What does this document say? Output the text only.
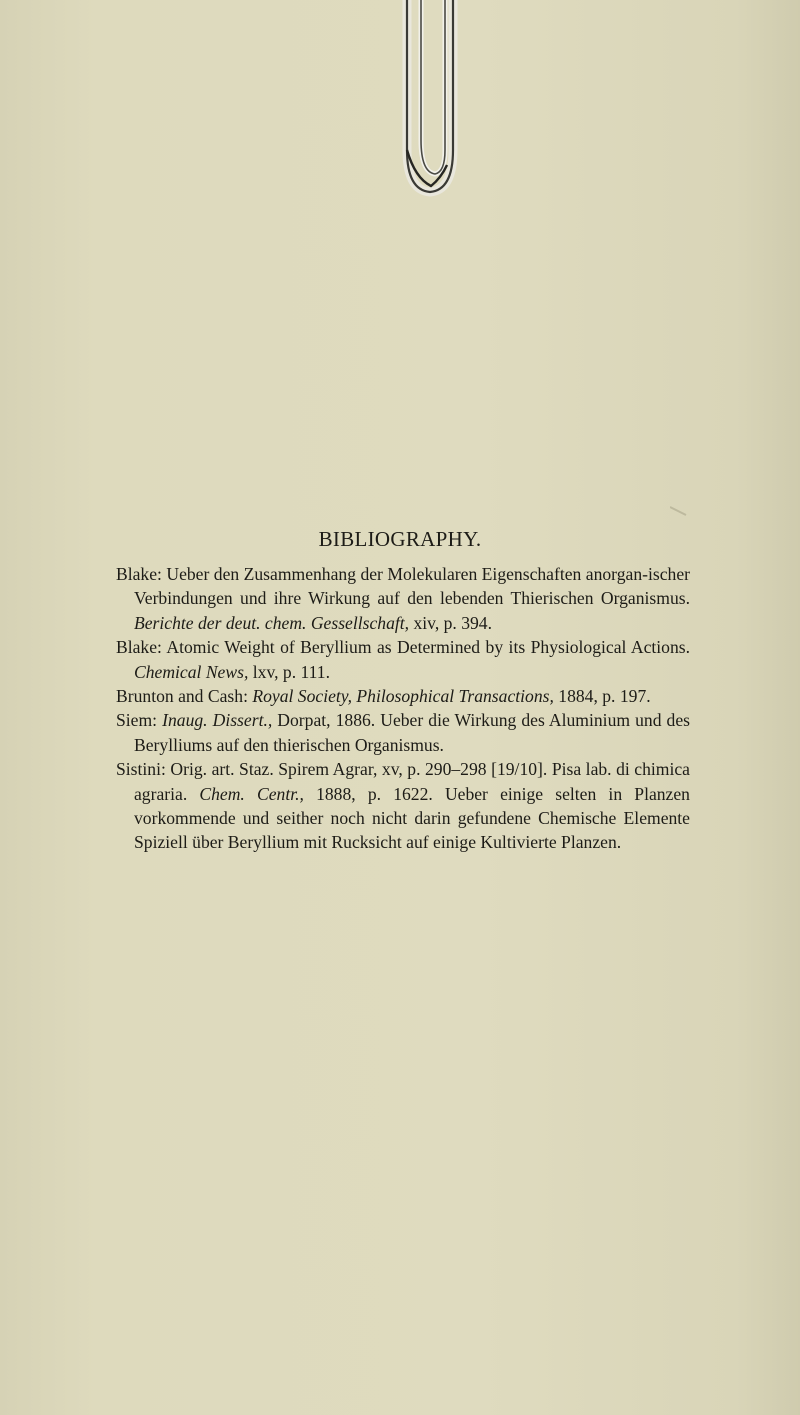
BIBLIOGRAPHY.
Blake: Ueber den Zusammenhang der Molekularen Eigenschaften anorgan-ischer Verbindungen und ihre Wirkung auf den lebenden Thierischen Organismus. Berichte der deut. chem. Gessellschaft, xiv, p. 394.
Blake: Atomic Weight of Beryllium as Determined by its Physiological Actions. Chemical News, lxv, p. 111.
Brunton and Cash: Royal Society, Philosophical Transactions, 1884, p. 197.
Siem: Inaug. Dissert., Dorpat, 1886. Ueber die Wirkung des Aluminium und des Berylliums auf den thierischen Organismus.
Sistini: Orig. art. Staz. Spirem Agrar, xv, p. 290–298 [19/10]. Pisa lab. di chimica agraria. Chem. Centr., 1888, p. 1622. Ueber einige selten in Planzen vorkommende und seither noch nicht darin gefundene Chemische Elemente Spiziell über Beryllium mit Rucksicht auf einige Kultivierte Planzen.
